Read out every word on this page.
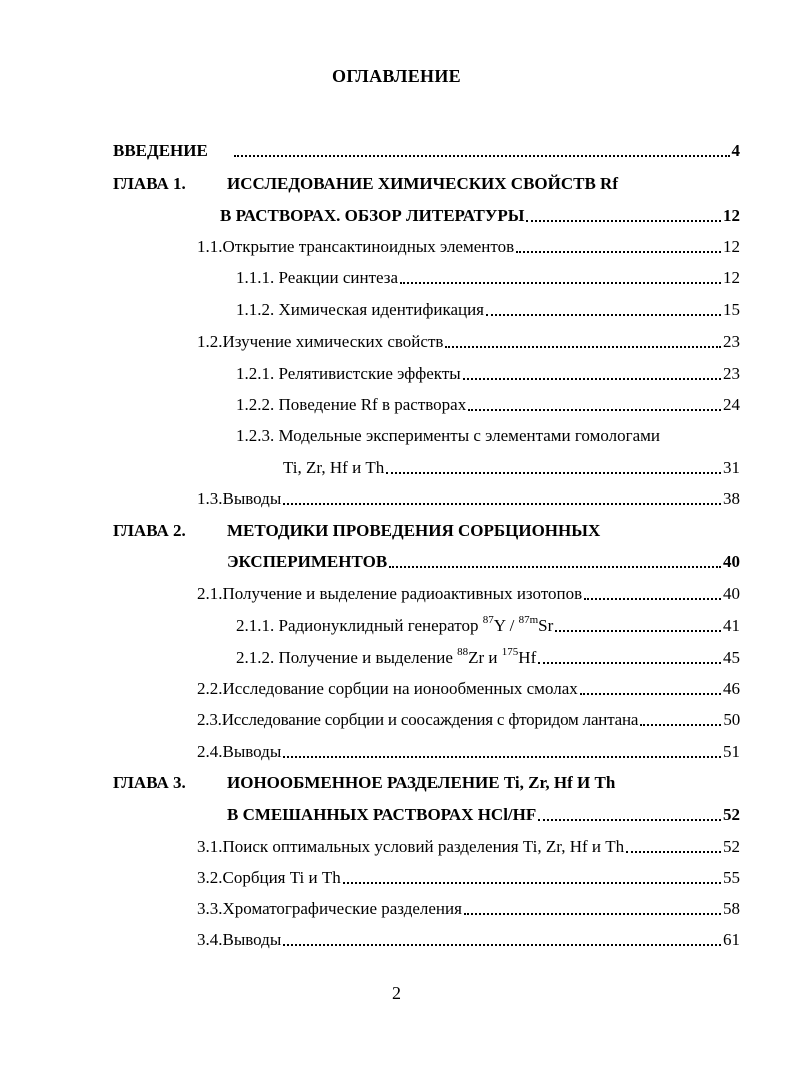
ОГЛАВЛЕНИЕ
ВВЕДЕНИЕ	4
ГЛАВА 1. ИССЛЕДОВАНИЕ ХИМИЧЕСКИХ СВОЙСТВ Rf
В РАСТВОРАХ. ОБЗОР ЛИТЕРАТУРЫ	12
1.1.Открытие трансактиноидных элементов	12
1.1.1. Реакции синтеза	12
1.1.2. Химическая идентификация	15
1.2.Изучение химических свойств	23
1.2.1. Релятивистские эффекты	23
1.2.2. Поведение Rf в растворах	24
1.2.3. Модельные эксперименты с элементами гомологами
Ti, Zr, Hf и Th	31
1.3.Выводы	38
ГЛАВА 2. МЕТОДИКИ ПРОВЕДЕНИЯ СОРБЦИОННЫХ
ЭКСПЕРИМЕНТОВ	40
2.1.Получение и выделение радиоактивных изотопов	40
2.1.1. Радионуклидный генератор $^{87}$Y / $^{87m}$Sr	41
2.1.2. Получение и выделение $^{88}$Zr и $^{175}$Hf	45
2.2.Исследование сорбции на ионообменных смолах	46
2.3.Исследование сорбции и соосаждения с фторидом лантана	50
2.4.Выводы	51
ГЛАВА 3. ИОНООБМЕННОЕ РАЗДЕЛЕНИЕ Ti, Zr, Hf И Th
В СМЕШАННЫХ РАСТВОРАХ HCl/HF	52
3.1.Поиск оптимальных условий разделения Ti, Zr, Hf и Th	52
3.2.Сорбция Ti и Th	55
3.3.Хроматографические разделения	58
3.4.Выводы	61
2
